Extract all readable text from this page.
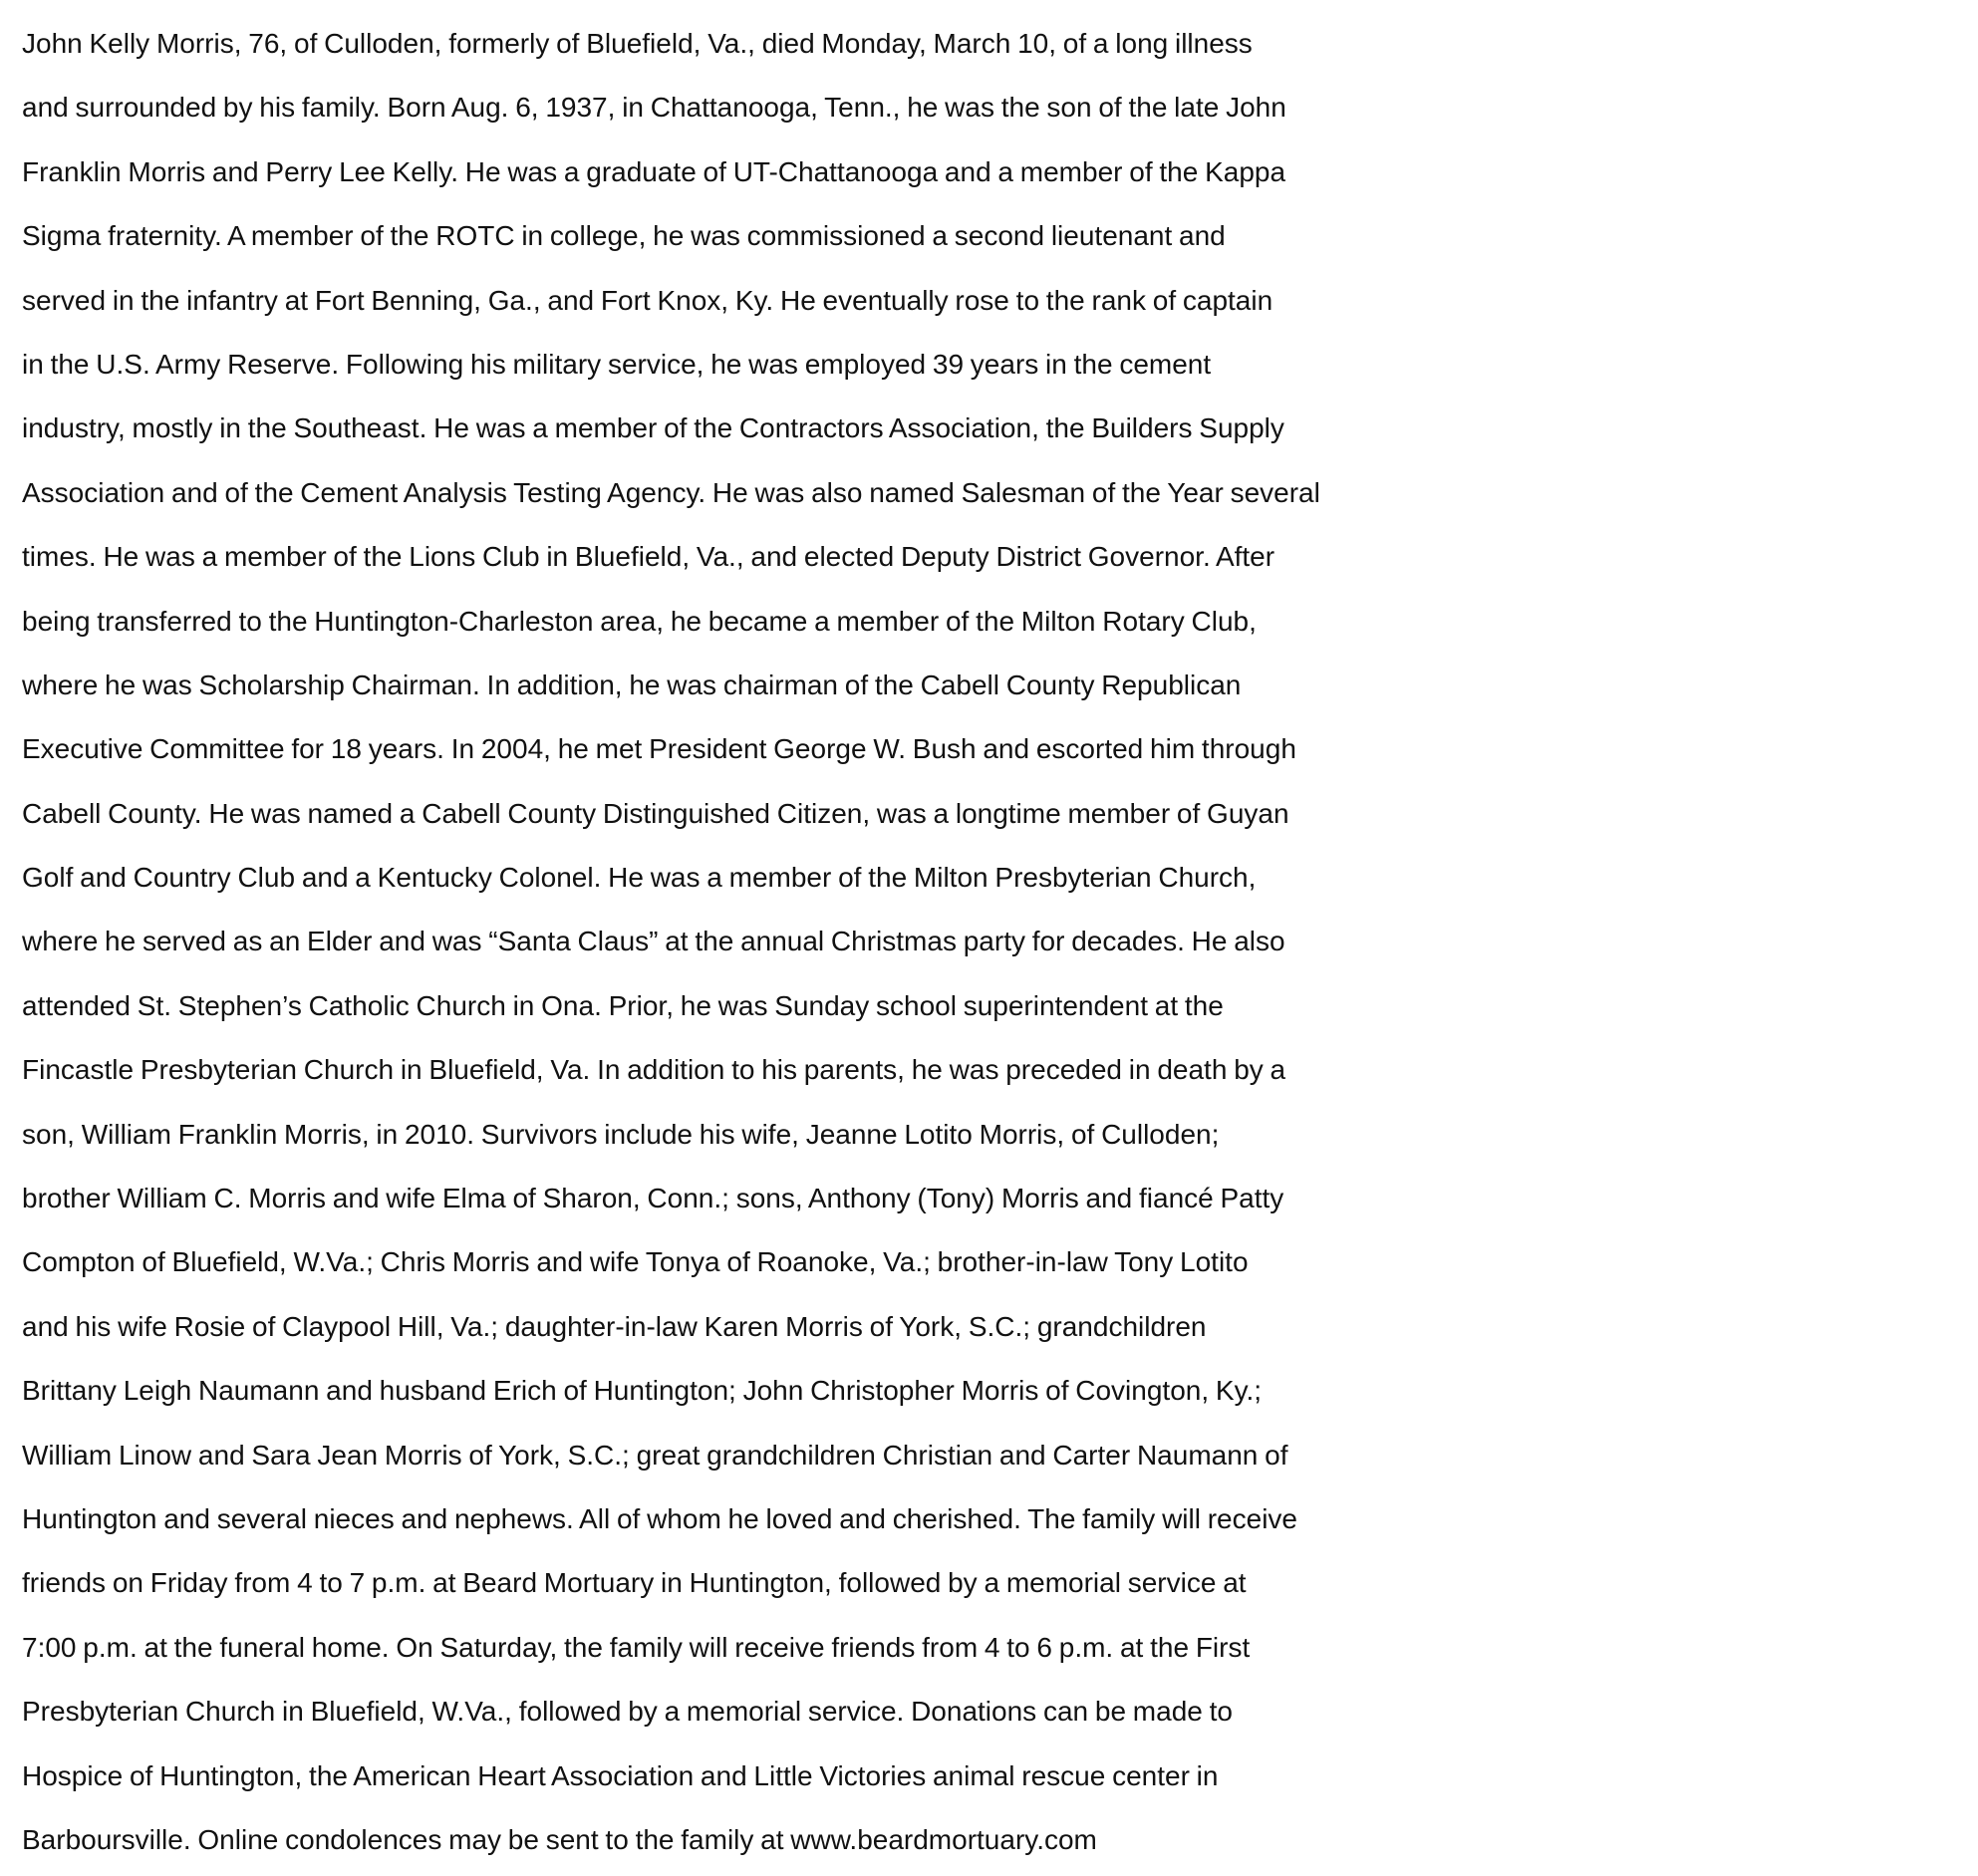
John Kelly Morris, 76, of Culloden, formerly of Bluefield, Va., died Monday, March 10, of a long illness
and surrounded by his family. Born Aug. 6, 1937, in Chattanooga, Tenn., he was the son of the late John
Franklin Morris and Perry Lee Kelly. He was a graduate of UT-Chattanooga and a member of the Kappa
Sigma fraternity. A member of the ROTC in college, he was commissioned a second lieutenant and
served in the infantry at Fort Benning, Ga., and Fort Knox, Ky. He eventually rose to the rank of captain
in the U.S. Army Reserve. Following his military service, he was employed 39 years in the cement
industry, mostly in the Southeast. He was a member of the Contractors Association, the Builders Supply
Association and of the Cement Analysis Testing Agency. He was also named Salesman of the Year several
times. He was a member of the Lions Club in Bluefield, Va., and elected Deputy District Governor. After
being transferred to the Huntington-Charleston area, he became a member of the Milton Rotary Club,
where he was Scholarship Chairman. In addition, he was chairman of the Cabell County Republican
Executive Committee for 18 years. In 2004, he met President George W. Bush and escorted him through
Cabell County. He was named a Cabell County Distinguished Citizen, was a longtime member of Guyan
Golf and Country Club and a Kentucky Colonel. He was a member of the Milton Presbyterian Church,
where he served as an Elder and was “Santa Claus” at the annual Christmas party for decades. He also
attended St. Stephen’s Catholic Church in Ona. Prior, he was Sunday school superintendent at the
Fincastle Presbyterian Church in Bluefield, Va. In addition to his parents, he was preceded in death by a
son, William Franklin Morris, in 2010. Survivors include his wife, Jeanne Lotito Morris, of Culloden;
brother William C. Morris and wife Elma of Sharon, Conn.; sons, Anthony (Tony) Morris and fiancé Patty
Compton of Bluefield, W.Va.; Chris Morris and wife Tonya of Roanoke, Va.; brother-in-law Tony Lotito
and his wife Rosie of Claypool Hill, Va.; daughter-in-law Karen Morris of York, S.C.; grandchildren
Brittany Leigh Naumann and husband Erich of Huntington; John Christopher Morris of Covington, Ky.;
William Linow and Sara Jean Morris of York, S.C.; great grandchildren Christian and Carter Naumann of
Huntington and several nieces and nephews. All of whom he loved and cherished. The family will receive
friends on Friday from 4 to 7 p.m. at Beard Mortuary in Huntington, followed by a memorial service at
7:00 p.m. at the funeral home. On Saturday, the family will receive friends from 4 to 6 p.m. at the First
Presbyterian Church in Bluefield, W.Va., followed by a memorial service. Donations can be made to
Hospice of Huntington, the American Heart Association and Little Victories animal rescue center in
Barboursville. Online condolences may be sent to the family at www.beardmortuary.com
